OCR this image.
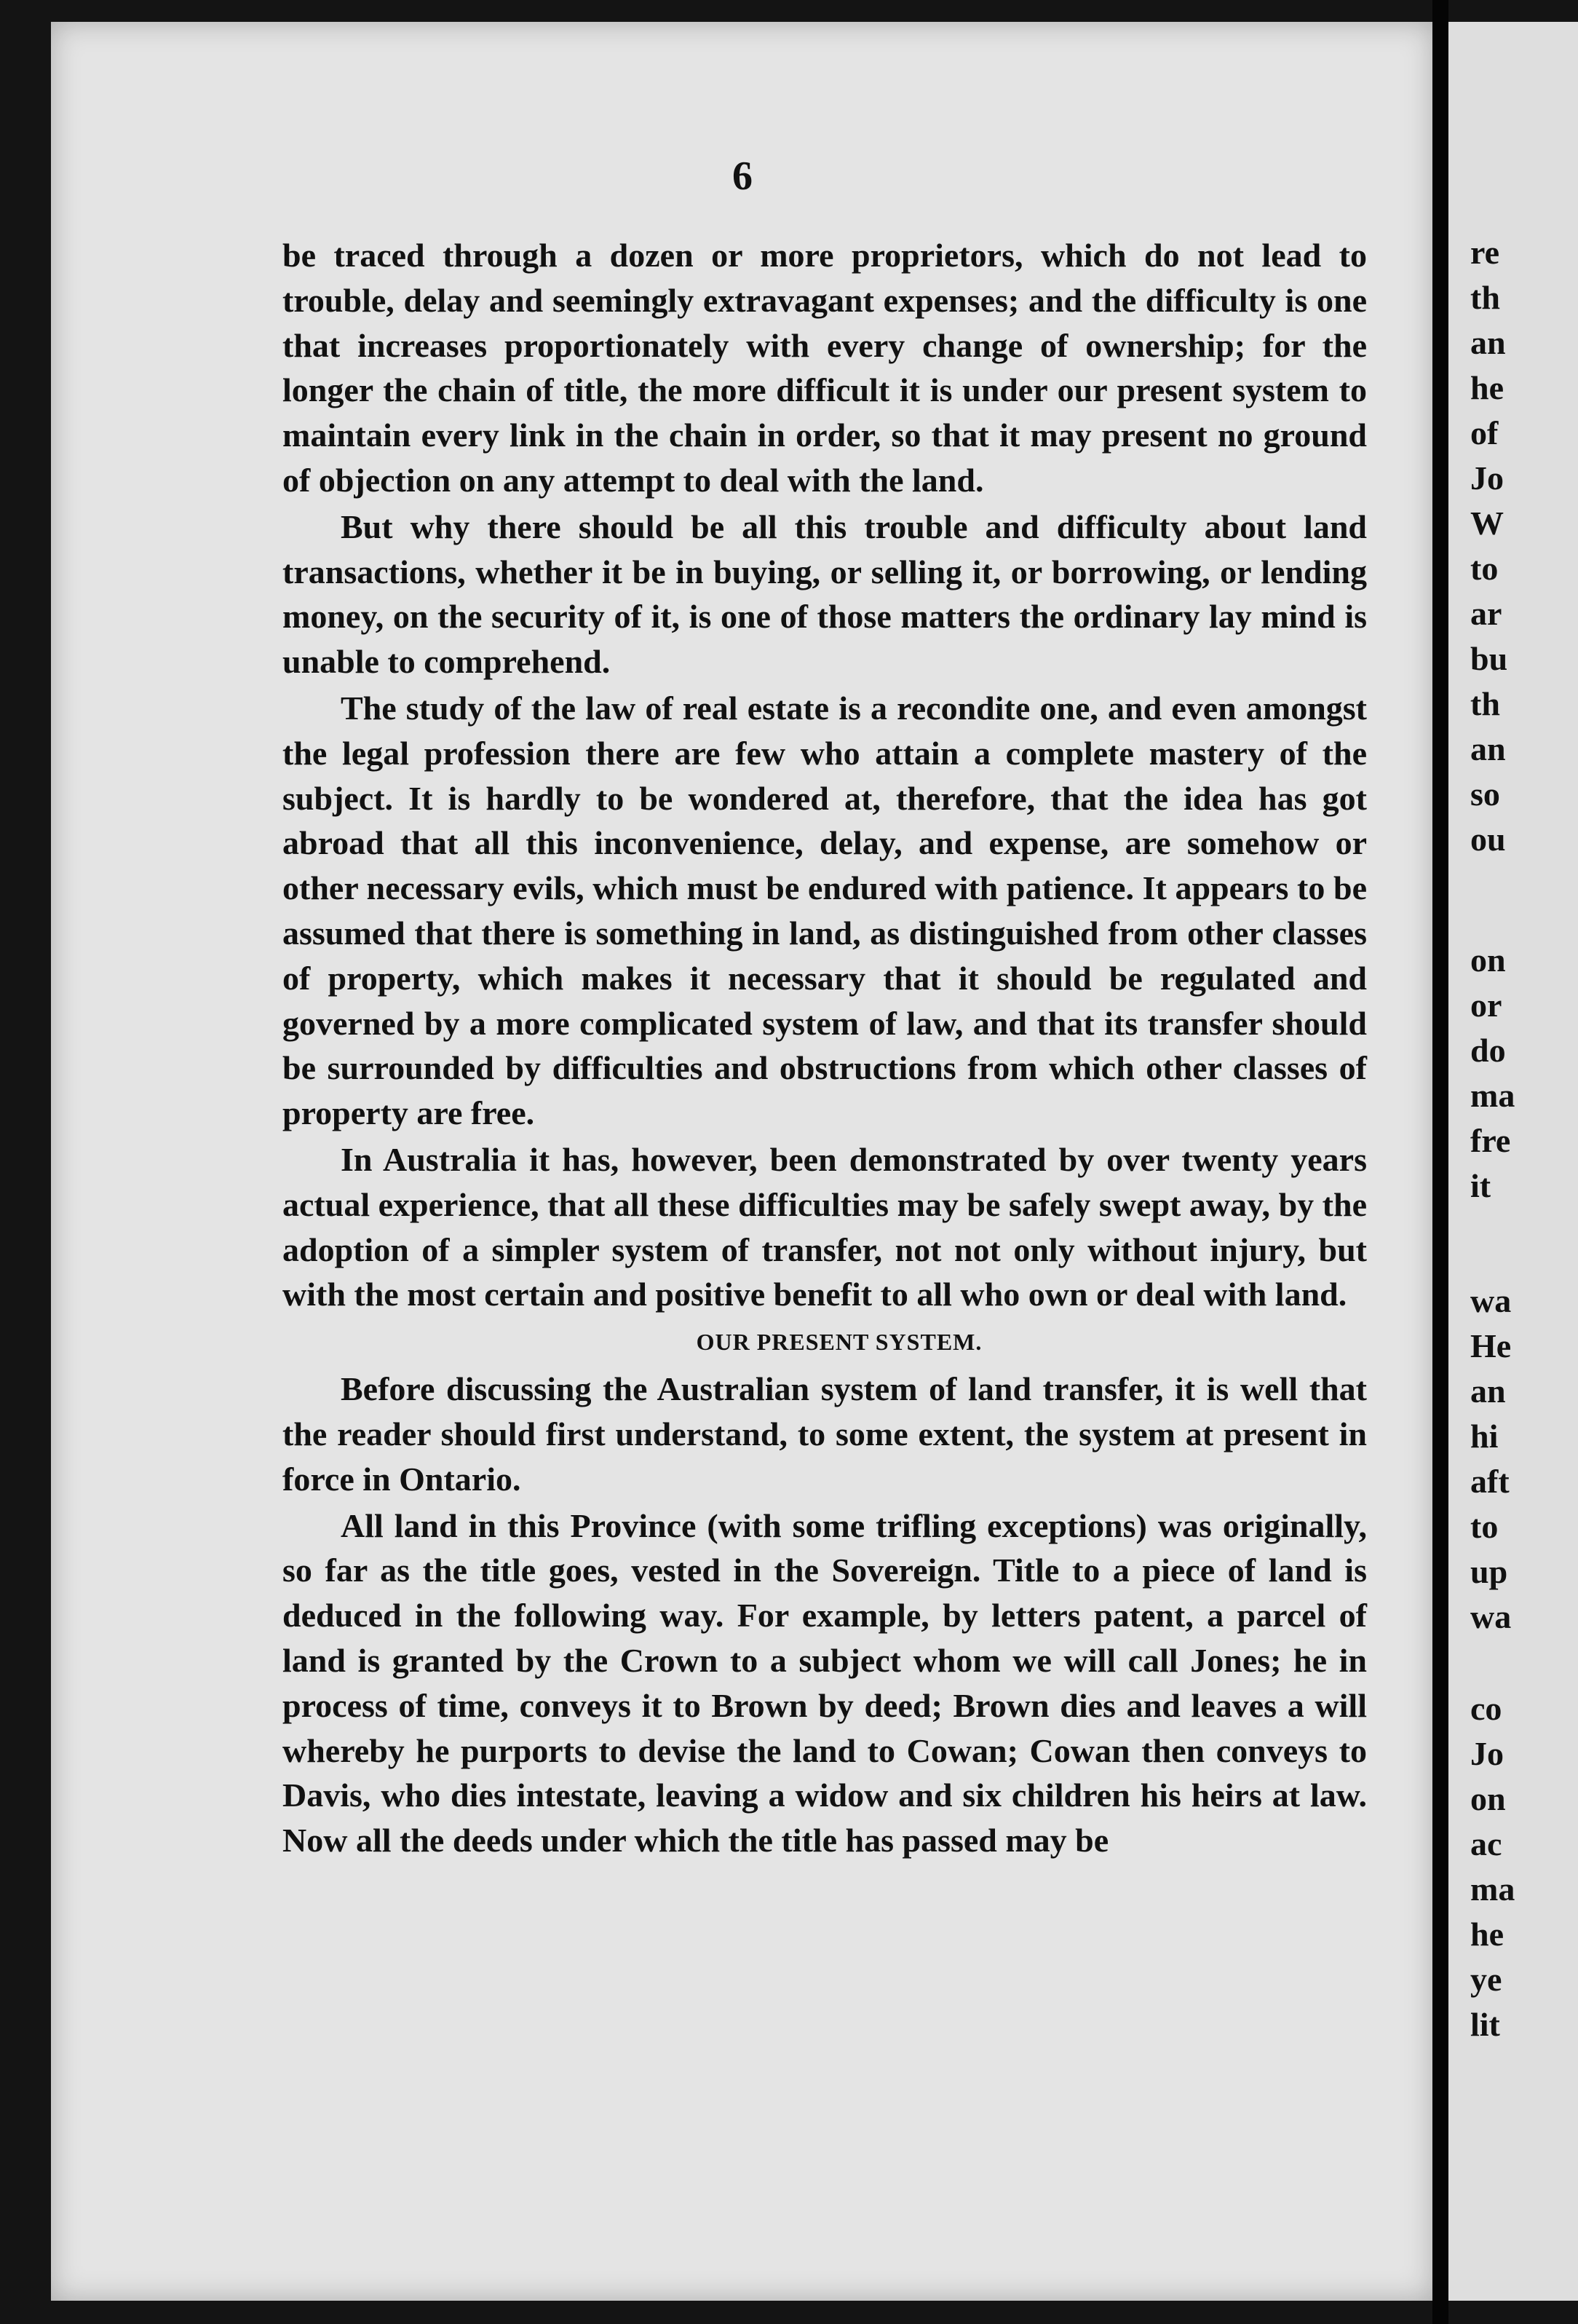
6

be traced through a dozen or more proprietors, which do not lead to trouble, delay and seemingly extravagant expenses; and the difficulty is one that increases proportionately with every change of ownership; for the longer the chain of title, the more difficult it is under our present system to maintain every link in the chain in order, so that it may present no ground of objection on any attempt to deal with the land.

But why there should be all this trouble and difficulty about land transactions, whether it be in buying, or selling it, or borrowing, or lending money, on the security of it, is one of those matters the ordinary lay mind is unable to comprehend.

The study of the law of real estate is a recondite one, and even amongst the legal profession there are few who attain a complete mastery of the subject. It is hardly to be wondered at, therefore, that the idea has got abroad that all this inconvenience, delay, and expense, are somehow or other necessary evils, which must be endured with patience. It appears to be assumed that there is something in land, as distinguished from other classes of property, which makes it necessary that it should be regulated and governed by a more complicated system of law, and that its transfer should be surrounded by difficulties and obstructions from which other classes of property are free.

In Australia it has, however, been demonstrated by over twenty years actual experience, that all these difficulties may be safely swept away, by the adoption of a simpler system of transfer, not not only without injury, but with the most certain and positive benefit to all who own or deal with land.

OUR PRESENT SYSTEM.

Before discussing the Australian system of land transfer, it is well that the reader should first understand, to some extent, the system at present in force in Ontario.

All land in this Province (with some trifling exceptions) was originally, so far as the title goes, vested in the Sovereign. Title to a piece of land is deduced in the following way. For example, by letters patent, a parcel of land is granted by the Crown to a subject whom we will call Jones; he in process of time, conveys it to Brown by deed; Brown dies and leaves a will whereby he purports to devise the land to Cowan; Cowan then conveys to Davis, who dies intestate, leaving a widow and six children his heirs at law. Now all the deeds under which the title has passed may be

re
th
an
he
of
Jo
W
to
ar
bu
th
an
so
ou
on
or
do
ma
fre
it
wa
He
an
hi
aft
to
up
wa
co
Jo
on
ac
ma
he
ye
lit
